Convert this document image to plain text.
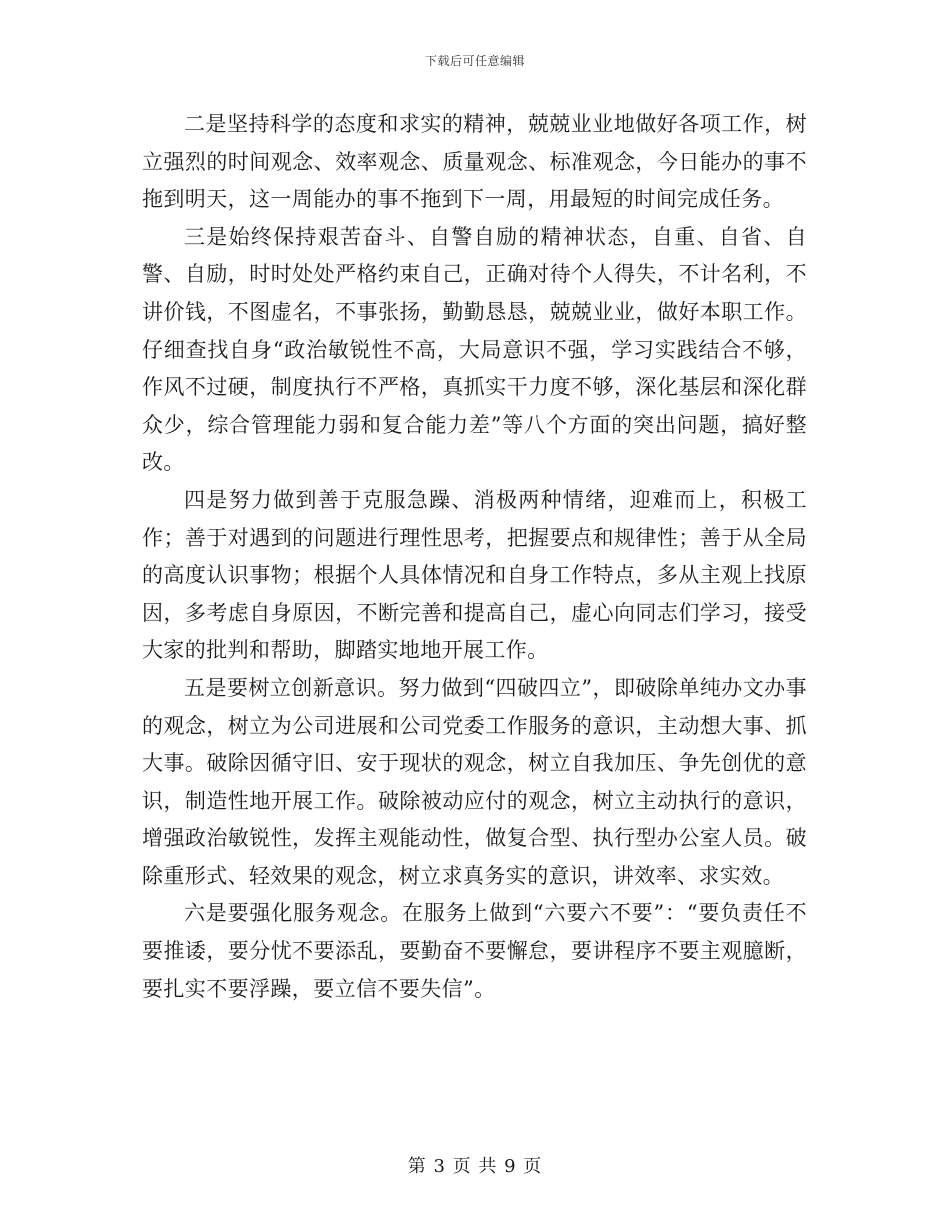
下载后可任意编辑

二是坚持科学的态度和求实的精神，兢兢业业地做好各项工作，树立强烈的时间观念、效率观念、质量观念、标准观念，今日能办的事不拖到明天，这一周能办的事不拖到下一周，用最短的时间完成任务。

三是始终保持艰苦奋斗、自警自励的精神状态，自重、自省、自警、自励，时时处处严格约束自己，正确对待个人得失，不计名利，不讲价钱，不图虚名，不事张扬，勤勤恳恳，兢兢业业，做好本职工作。仔细查找自身“政治敏锐性不高，大局意识不强，学习实践结合不够，作风不过硬，制度执行不严格，真抓实干力度不够，深化基层和深化群众少，综合管理能力弱和复合能力差”等八个方面的突出问题，搞好整改。

四是努力做到善于克服急躁、消极两种情绪，迎难而上，积极工作；善于对遇到的问题进行理性思考，把握要点和规律性；善于从全局的高度认识事物；根据个人具体情况和自身工作特点，多从主观上找原因，多考虑自身原因，不断完善和提高自己，虚心向同志们学习，接受大家的批判和帮助，脚踏实地地开展工作。

五是要树立创新意识。努力做到“四破四立”，即破除单纯办文办事的观念，树立为公司进展和公司党委工作服务的意识，主动想大事、抓大事。破除因循守旧、安于现状的观念，树立自我加压、争先创优的意识，制造性地开展工作。破除被动应付的观念，树立主动执行的意识，增强政治敏锐性，发挥主观能动性，做复合型、执行型办公室人员。破除重形式、轻效果的观念，树立求真务实的意识，讲效率、求实效。

六是要强化服务观念。在服务上做到“六要六不要”：“要负责任不要推诿，要分忧不要添乱，要勤奋不要懈怠，要讲程序不要主观臆断，要扎实不要浮躁，要立信不要失信”。

第 3 页 共 9 页
